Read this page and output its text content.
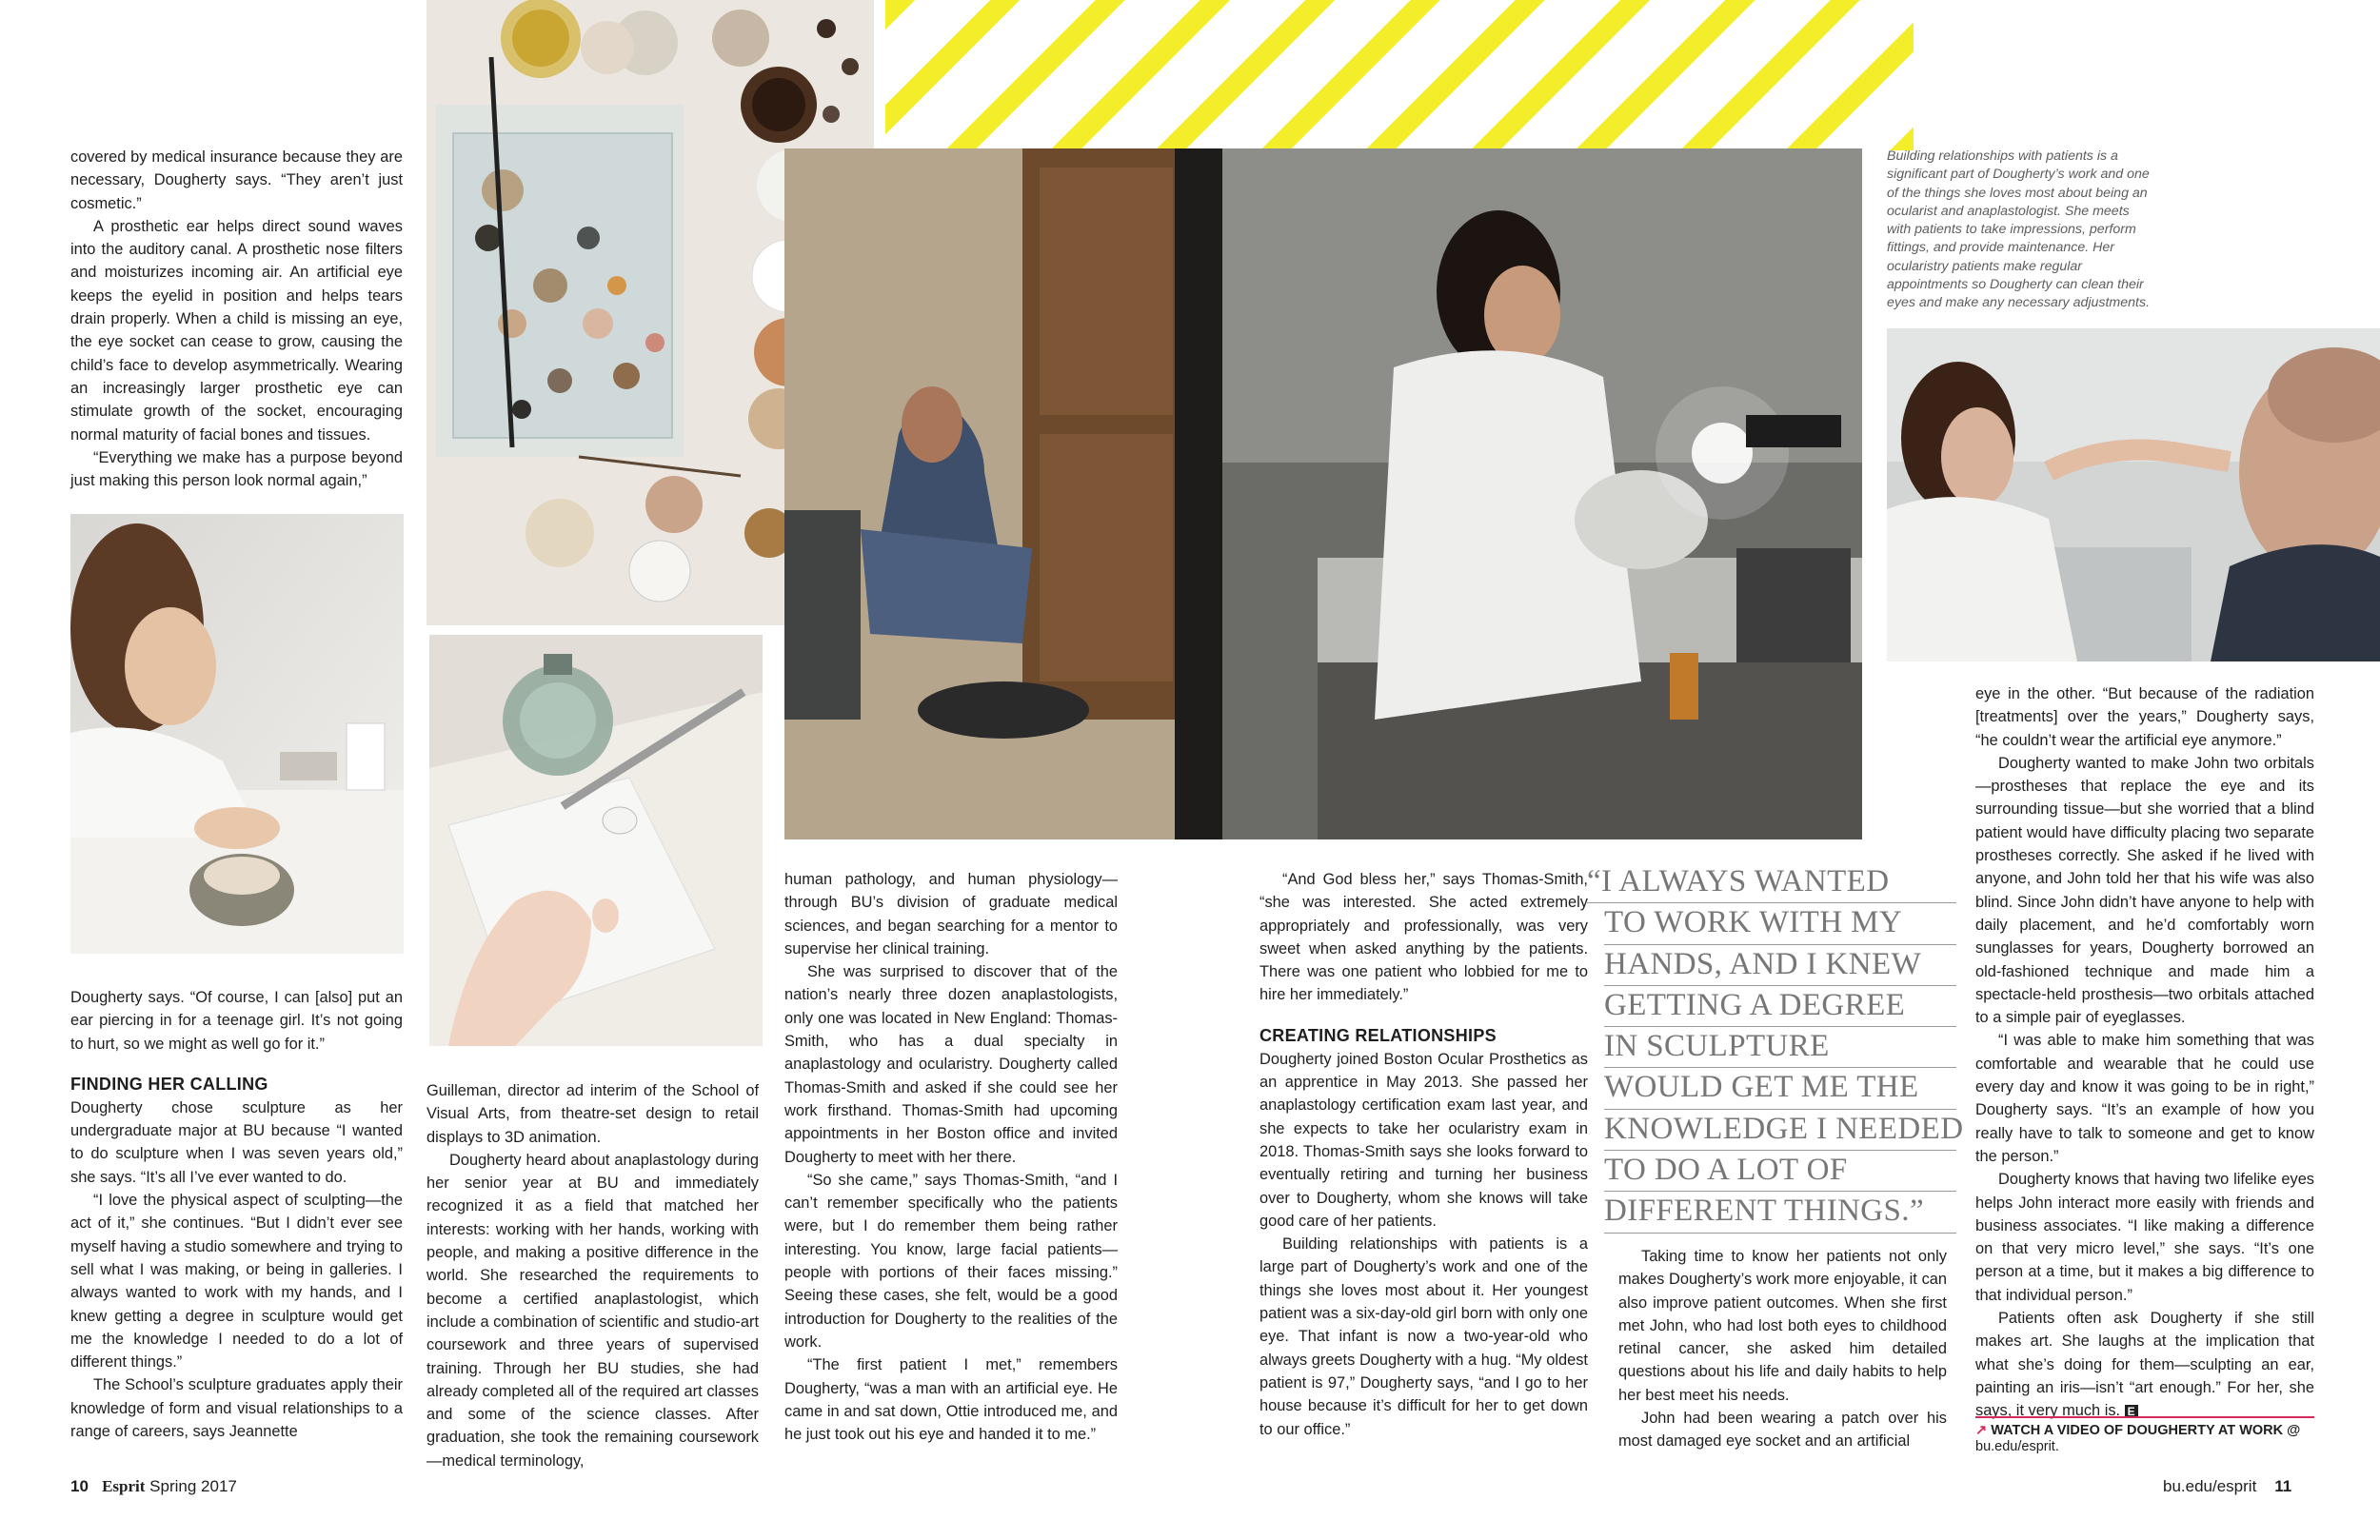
Building relationships with patients is a significant part of Dougherty’s work and one of the things she loves most about being an ocularist and anaplastologist. She meets with patients to take impressions, perform fittings, and provide maintenance. Her ocularistry patients make regular appointments so Dougherty can clean their eyes and make any necessary adjustments.

covered by medical insurance because they are necessary, Dougherty says. “They aren’t just cosmetic.”

A prosthetic ear helps direct sound waves into the auditory canal. A prosthetic nose filters and moisturizes incoming air. An artificial eye keeps the eyelid in position and helps tears drain properly. When a child is missing an eye, the eye socket can cease to grow, causing the child’s face to develop asymmetrically. Wearing an increasingly larger prosthetic eye can stimulate growth of the socket, encouraging normal maturity of facial bones and tissues.

“Everything we make has a purpose beyond just making this person look normal again,”

Dougherty says. “Of course, I can [also] put an ear piercing in for a teenage girl. It’s not going to hurt, so we might as well go for it.”

FINDING HER CALLING

Dougherty chose sculpture as her undergraduate major at BU because “I wanted to do sculpture when I was seven years old,” she says. “It’s all I’ve ever wanted to do.

“I love the physical aspect of sculpting—the act of it,” she continues. “But I didn’t ever see myself having a studio somewhere and trying to sell what I was making, or being in galleries. I always wanted to work with my hands, and I knew getting a degree in sculpture would get me the knowledge I needed to do a lot of different things.”

The School’s sculpture graduates apply their knowledge of form and visual relationships to a range of careers, says Jeannette

Guilleman, director ad interim of the School of Visual Arts, from theatre-set design to retail displays to 3D animation.

Dougherty heard about anaplastology during her senior year at BU and immediately recognized it as a field that matched her interests: working with her hands, working with people, and making a positive difference in the world. She researched the requirements to become a certified anaplastologist, which include a combination of scientific and studio-art coursework and three years of supervised training. Through her BU studies, she had already completed all of the required art classes and some of the science classes. After graduation, she took the remaining coursework—medical terminology,

human pathology, and human physiology—through BU’s division of graduate medical sciences, and began searching for a mentor to supervise her clinical training.

She was surprised to discover that of the nation’s nearly three dozen anaplastologists, only one was located in New England: Thomas-Smith, who has a dual specialty in anaplastology and ocularistry. Dougherty called Thomas-Smith and asked if she could see her work firsthand. Thomas-Smith had upcoming appointments in her Boston office and invited Dougherty to meet with her there.

“So she came,” says Thomas-Smith, “and I can’t remember specifically who the patients were, but I do remember them being rather interesting. You know, large facial patients—people with portions of their faces missing.” Seeing these cases, she felt, would be a good introduction for Dougherty to the realities of the work.

“The first patient I met,” remembers Dougherty, “was a man with an artificial eye. He came in and sat down, Ottie introduced me, and he just took out his eye and handed it to me.”

“And God bless her,” says Thomas-Smith, “she was interested. She acted extremely appropriately and professionally, was very sweet when asked anything by the patients. There was one patient who lobbied for me to hire her immediately.”

CREATING RELATIONSHIPS

Dougherty joined Boston Ocular Prosthetics as an apprentice in May 2013. She passed her anaplastology certification exam last year, and she expects to take her ocularistry exam in 2018. Thomas-Smith says she looks forward to eventually retiring and turning her business over to Dougherty, whom she knows will take good care of her patients.

Building relationships with patients is a large part of Dougherty’s work and one of the things she loves most about it. Her youngest patient was a six-day-old girl born with only one eye. That infant is now a two-year-old who always greets Dougherty with a hug. “My oldest patient is 97,” Dougherty says, “and I go to her house because it’s difficult for her to get down to our office.”

“I ALWAYS WANTED
TO WORK WITH MY
HANDS, AND I KNEW
GETTING A DEGREE
IN SCULPTURE
WOULD GET ME THE
KNOWLEDGE I NEEDED
TO DO A LOT OF
DIFFERENT THINGS.”

Taking time to know her patients not only makes Dougherty’s work more enjoyable, it can also improve patient outcomes. When she first met John, who had lost both eyes to childhood retinal cancer, she asked him detailed questions about his life and daily habits to help her best meet his needs.

John had been wearing a patch over his most damaged eye socket and an artificial

eye in the other. “But because of the radiation [treatments] over the years,” Dougherty says, “he couldn’t wear the artificial eye anymore.”

Dougherty wanted to make John two orbitals—prostheses that replace the eye and its surrounding tissue—but she worried that a blind patient would have difficulty placing two separate prostheses correctly. She asked if he lived with anyone, and John told her that his wife was also blind. Since John didn’t have anyone to help with daily placement, and he’d comfortably worn sunglasses for years, Dougherty borrowed an old-fashioned technique and made him a spectacle-held prosthesis—two orbitals attached to a simple pair of eyeglasses.

“I was able to make him something that was comfortable and wearable that he could use every day and know it was going to be in right,” Dougherty says. “It’s an example of how you really have to talk to someone and get to know the person.”

Dougherty knows that having two lifelike eyes helps John interact more easily with friends and business associates. “I like making a difference on that very micro level,” she says. “It’s one person at a time, but it makes a big difference to that individual person.”

Patients often ask Dougherty if she still makes art. She laughs at the implication that what she’s doing for them—sculpting an ear, painting an iris—isn’t “art enough.” For her, she says, it very much is. E

↗ WATCH A VIDEO OF DOUGHERTY AT WORK @
bu.edu/esprit.
10 Esprit Spring 2017	bu.edu/esprit 11
